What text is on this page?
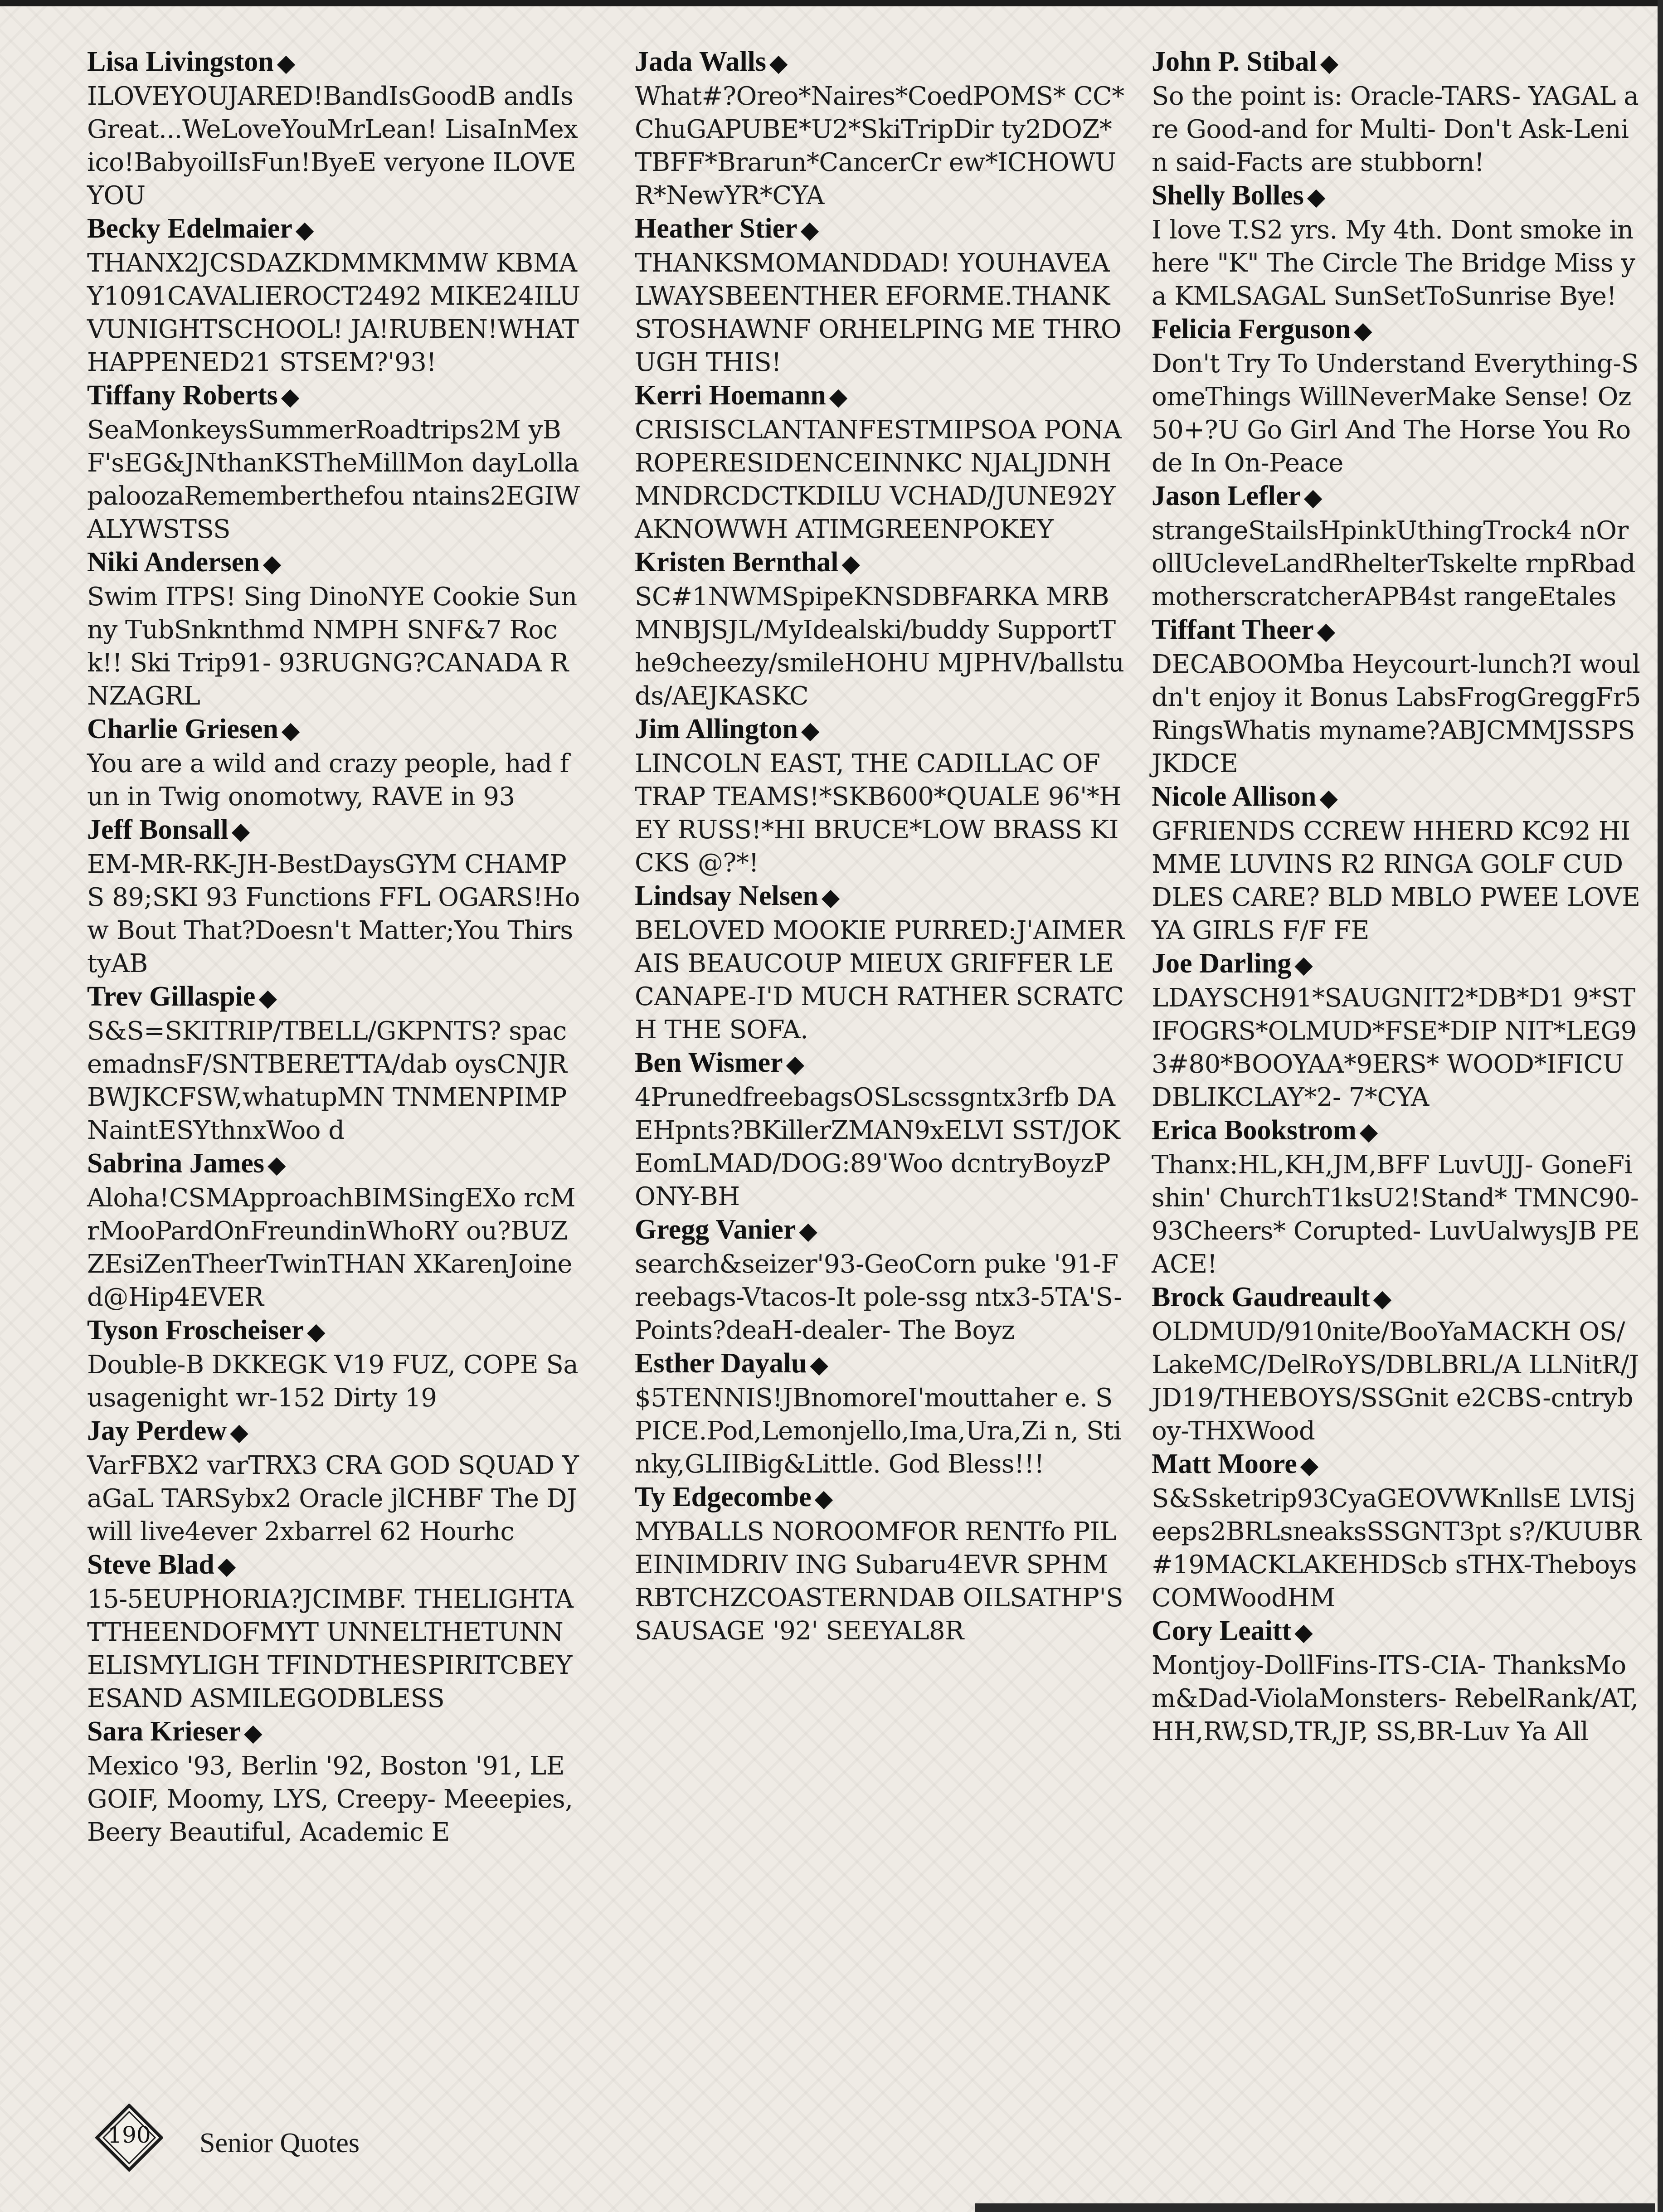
Lisa Livingston ◆
ILOVEYOUJARED!BandIsGoodB andIsGreat...WeLoveYouMrLean! LisaInMexico!BabyoilIsFun!ByeE veryone ILOVEYOU
Becky Edelmaier ◆
THANX2JCSDAZKDMMKMMW KBMAY1091CAVALIEROCT2492 MIKE24ILUVUNIGHTSCHOOL! JA!RUBEN!WHATHAPPENED21 STSEM?'93!
Tiffany Roberts ◆
SeaMonkeysSummerRoadtrips2M yBF'sEG&JNthanKSTheMillMon dayLollapaloozaRememberthefou ntains2EGIWALYWSTSS
Niki Andersen ◆
Swim ITPS! Sing DinoNYE Cookie Sunny TubSnknthmd NMPH SNF&7 Rock!! Ski Trip91- 93RUGNG?CANADA RNZAGRL
Charlie Griesen ◆
You are a wild and crazy people, had fun in Twig onomotwy, RAVE in 93
Jeff Bonsall ◆
EM-MR-RK-JH-BestDaysGYM CHAMPS 89;SKI 93 Functions FFL OGARS!How Bout That?Doesn't Matter;You ThirstyAB
Trev Gillaspie ◆
S&S=SKITRIP/TBELL/GKPNTS? spacemadnsF/SNTBERETTA/dab oysCNJRBWJKCFSW,whatupMN TNMENPIMPNaintESYthnxWoo d
Sabrina James ◆
Aloha!CSMApproachBIMSingEXo rcMrMooPardOnFreundinWhoRY ou?BUZZEsiZenTheerTwinTHAN XKarenJoined@Hip4EVER
Tyson Froscheiser ◆
Double-B DKKEGK V19 FUZ, COPE Sausagenight wr-152 Dirty 19
Jay Perdew ◆
VarFBX2 varTRX3 CRA GOD SQUAD YaGaL TARSybx2 Oracle jlCHBF The DJ will live4ever 2xbarrel 62 Hourhc
Steve Blad ◆
15-5EUPHORIA?JCIMBF. THELIGHTATTHEENDOFMYT UNNELTHETUNNELISMYLIGH TFINDTHESPIRITCBEYESAND ASMILEGODBLESS
Sara Krieser ◆
Mexico '93, Berlin '92, Boston '91, LEGOIF, Moomy, LYS, Creepy- Meeepies, Beery Beautiful, Academic E
Jada Walls ◆
What#?Oreo*Naires*CoedPOMS* CC*ChuGAPUBE*U2*SkiTripDir ty2DOZ*TBFF*Brarun*CancerCr ew*ICHOWUR*NewYR*CYA
Heather Stier ◆
THANKSMOMANDDAD! YOUHAVEALWAYSBEENTHER EFORME.THANKSTOSHAWNF ORHELPING ME THROUGH THIS!
Kerri Hoemann ◆
CRISISCLANTANFESTMIPSOA PONAROPERESIDENCEINNKC NJALJDNHMNDRCDCTKDILU VCHAD/JUNE92YAKNOWWH ATIMGREENPOKEY
Kristen Bernthal ◆
SC#1NWMSpipeKNSDBFARKA MRBMNBJSJL/MyIdealski/buddy SupportThe9cheezy/smileHOHU MJPHV/ballstuds/AEJKASKC
Jim Allington ◆
LINCOLN EAST, THE CADILLAC OF TRAP TEAMS!*SKB600*QUALE 96'*HEY RUSS!*HI BRUCE*LOW BRASS KICKS @?*!
Lindsay Nelsen ◆
BELOVED MOOKIE PURRED:J'AIMERAIS BEAUCOUP MIEUX GRIFFER LE CANAPE-I'D MUCH RATHER SCRATCH THE SOFA.
Ben Wismer ◆
4PrunedfreebagsOSLscssgntx3rfb DAEHpnts?BKillerZMAN9xELVI SST/JOKEomLMAD/DOG:89'Woo dcntryBoyzPONY-BH
Gregg Vanier ◆
search&seizer'93-GeoCorn puke '91-Freebags-Vtacos-It pole-ssg ntx3-5TA'S-Points?deaH-dealer- The Boyz
Esther Dayalu ◆
$5TENNIS!JBnomoreI'mouttaher e. SPICE.Pod,Lemonjello,Ima,Ura,Zi n, Stinky,GLIIBig&Little. God Bless!!!
Ty Edgecombe ◆
MYBALLS NOROOMFOR RENTfo PILEINIMDRIV ING Subaru4EVR SPHMRBTCHZCOASTERNDAB OILSATHP'SSAUSAGE '92' SEEYAL8R
John P. Stibal ◆
So the point is: Oracle-TARS- YAGAL are Good-and for Multi- Don't Ask-Lenin said-Facts are stubborn!
Shelly Bolles ◆
I love T.S2 yrs. My 4th. Dont smoke in here "K" The Circle The Bridge Miss ya KMLSAGAL SunSetToSunrise Bye!
Felicia Ferguson ◆
Don't Try To Understand Everything-SomeThings WillNeverMake Sense! Oz50+?U Go Girl And The Horse You Rode In On-Peace
Jason Lefler ◆
strangeStailsHpinkUthingTrock4 nOrollUcleveLandRhelterTskelte rnpRbadmotherscratcherAPB4st rangeEtales
Tiffant Theer ◆
DECABOOMba Heycourt-lunch?I wouldn't enjoy it Bonus LabsFrogGreggFr5RingsWhatis myname?ABJCMMJSSPSJKDCE
Nicole Allison ◆
GFRIENDS CCREW HHERD KC92 HIMME LUVINS R2 RINGA GOLF CUDDLES CARE? BLD MBLO PWEE LOVE YA GIRLS F/F FE
Joe Darling ◆
LDAYSCH91*SAUGNIT2*DB*D1 9*STIFOGRS*OLMUD*FSE*DIP NIT*LEG93#80*BOOYAA*9ERS* WOOD*IFICUDBLIKCLAY*2- 7*CYA
Erica Bookstrom ◆
Thanx:HL,KH,JM,BFF LuvUJJ- GoneFishin' ChurchT1ksU2!Stand* TMNC90- 93Cheers* Corupted- LuvUalwysJB PEACE!
Brock Gaudreault ◆
OLDMUD/910nite/BooYaMACKH OS/LakeMC/DelRoYS/DBLBRL/A LLNitR/JJD19/THEBOYS/SSGnit e2CBS-cntryboy-THXWood
Matt Moore ◆
S&Ssketrip93CyaGEOVWKnllsE LVISjeeps2BRLsneaksSSGNT3pt s?/KUUBR#19MACKLAKEHDScb sTHX-TheboysCOMWoodHM
Cory Leaitt ◆
Montjoy-DollFins-ITS-CIA- ThanksMom&Dad-ViolaMonsters- RebelRank/AT,HH,RW,SD,TR,JP, SS,BR-Luv Ya All
190	Senior Quotes
